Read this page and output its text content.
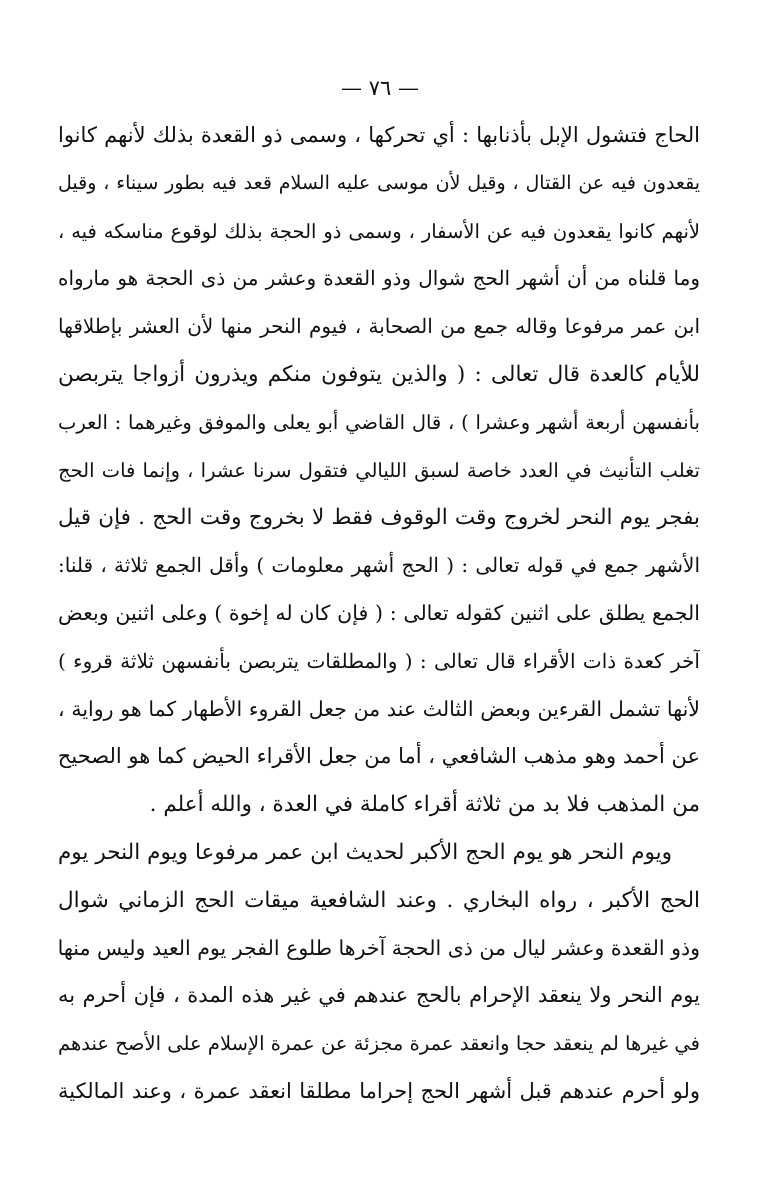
— ٧٦ —
الحاج فتشول الإبل بأذنابها : أي تحركها ، وسمى ذو القعدة بذلك لأنهم كانوا
يقعدون فيه عن القتال ، وقيل لأن موسى عليه السلام قعد فيه بطور سيناء ، وقيل
لأنهم كانوا يقعدون فيه عن الأسفار ، وسمى ذو الحجة بذلك لوقوع مناسكه فيه ،
وما قلناه من أن أشهر الحج شوال وذو القعدة وعشر من ذى الحجة هو مارواه
ابن عمر مرفوعا وقاله جمع من الصحابة ، فيوم النحر منها لأن العشر بإطلاقها
للأيام كالعدة قال تعالى : ( والذين يتوفون منكم ويذرون أزواجا يتربصن
بأنفسهن أربعة أشهر وعشرا ) ، قال القاضي أبو يعلى والموفق وغيرهما : العرب
تغلب التأنيث في العدد خاصة لسبق الليالي فتقول سرنا عشرا ، وإنما فات الحج
بفجر يوم النحر لخروج وقت الوقوف فقط لا بخروج وقت الحج . فإن قيل
الأشهر جمع في قوله تعالى : ( الحج أشهر معلومات ) وأقل الجمع ثلاثة ، قلنا:
الجمع يطلق على اثنين كقوله تعالى : ( فإن كان له إخوة ) وعلى اثنين وبعض
آخر كعدة ذات الأقراء قال تعالى : ( والمطلقات يتربصن بأنفسهن ثلاثة قروء )
لأنها تشمل القرءين وبعض الثالث عند من جعل القروء الأطهار كما هو رواية ،
عن أحمد وهو مذهب الشافعي ، أما من جعل الأقراء الحيض كما هو الصحيح
من المذهب فلا بد من ثلاثة أقراء كاملة في العدة ، والله أعلم .
ويوم النحر هو يوم الحج الأكبر لحديث ابن عمر مرفوعا ويوم النحر يوم
الحج الأكبر ، رواه البخاري . وعند الشافعية ميقات الحج الزماني شوال
وذو القعدة وعشر ليال من ذى الحجة آخرها طلوع الفجر يوم العيد وليس منها
يوم النحر ولا ينعقد الإحرام بالحج عندهم في غير هذه المدة ، فإن أحرم به
في غيرها لم ينعقد حجا وانعقد عمرة مجزئة عن عمرة الإسلام على الأصح عندهم
ولو أحرم عندهم قبل أشهر الحج إحراما مطلقا انعقد عمرة ، وعند المالكية
